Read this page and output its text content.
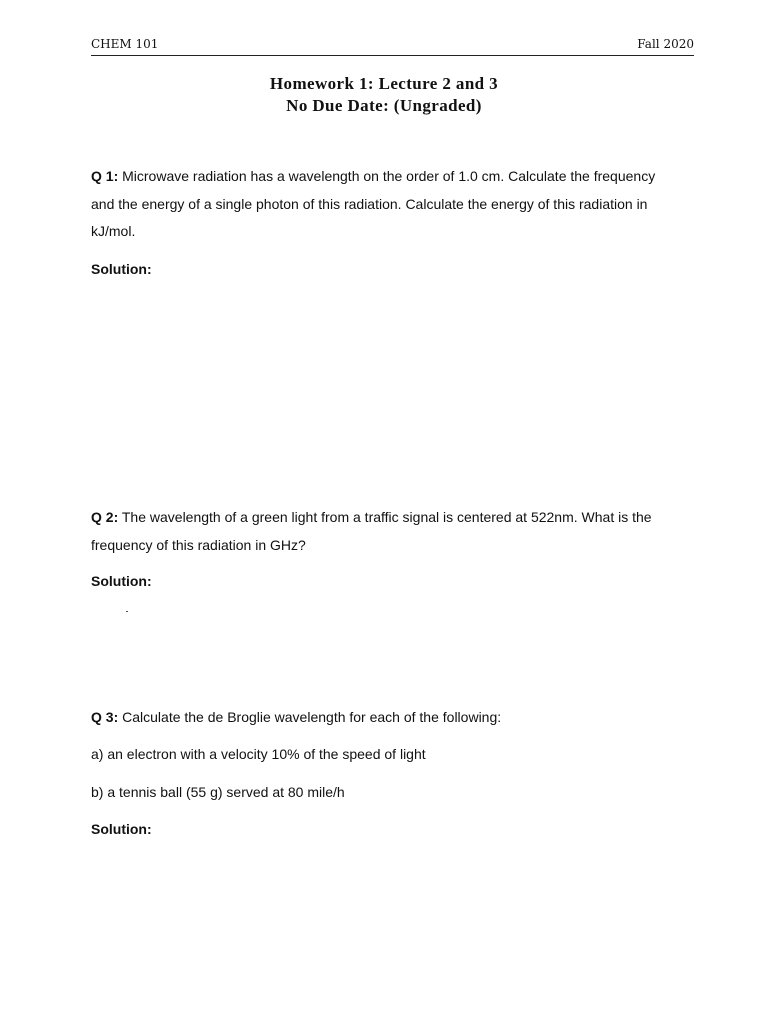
CHEM 101	Fall 2020
Homework 1: Lecture 2 and 3
No Due Date: (Ungraded)
Q 1: Microwave radiation has a wavelength on the order of 1.0 cm. Calculate the frequency
and the energy of a single photon of this radiation. Calculate the energy of this radiation in
kJ/mol.
Solution:
Q 2: The wavelength of a green light from a traffic signal is centered at 522nm. What is the
frequency of this radiation in GHz?
Solution:
Q 3: Calculate the de Broglie wavelength for each of the following:
a) an electron with a velocity 10% of the speed of light
b) a tennis ball (55 g) served at 80 mile/h
Solution:
